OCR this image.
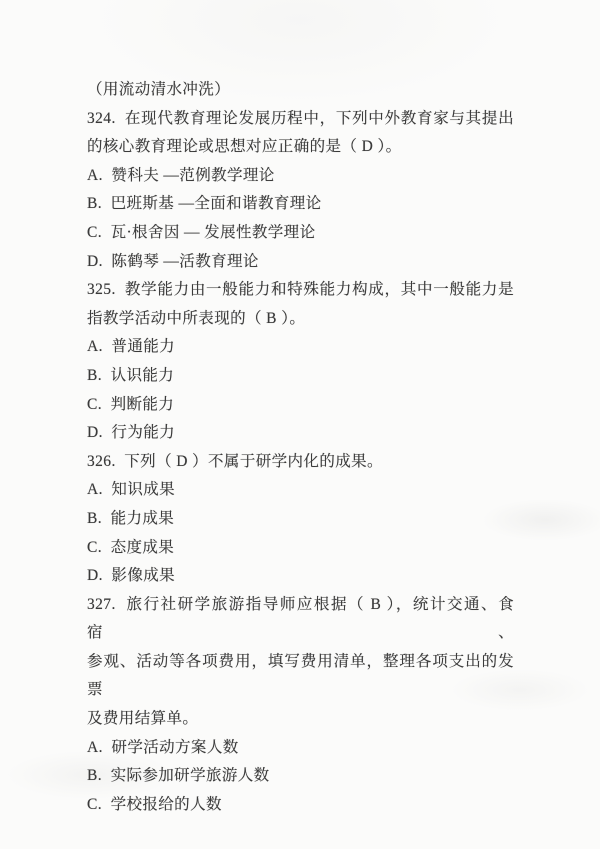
（用流动清水冲洗）
324.  在现代教育理论发展历程中，下列中外教育家与其提出
的核心教育理论或思想对应正确的是（ D ）。
A.  赞科夫 —范例教学理论
B.  巴班斯基 —全面和谐教育理论
C.  瓦·根舍因 — 发展性教学理论
D.  陈鹤琴 —活教育理论
325.  教学能力由一般能力和特殊能力构成，其中一般能力是
指教学活动中所表现的（ B ）。
A.  普通能力
B.  认识能力
C.  判断能力
D.  行为能力
326.  下列（ D ）不属于研学内化的成果。
A.  知识成果
B.  能力成果
C.  态度成果
D.  影像成果
327.  旅行社研学旅游指导师应根据（ B ），统计交通、食宿、
参观、活动等各项费用，填写费用清单，整理各项支出的发票
及费用结算单。
A.  研学活动方案人数
B.  实际参加研学旅游人数
C.  学校报给的人数
